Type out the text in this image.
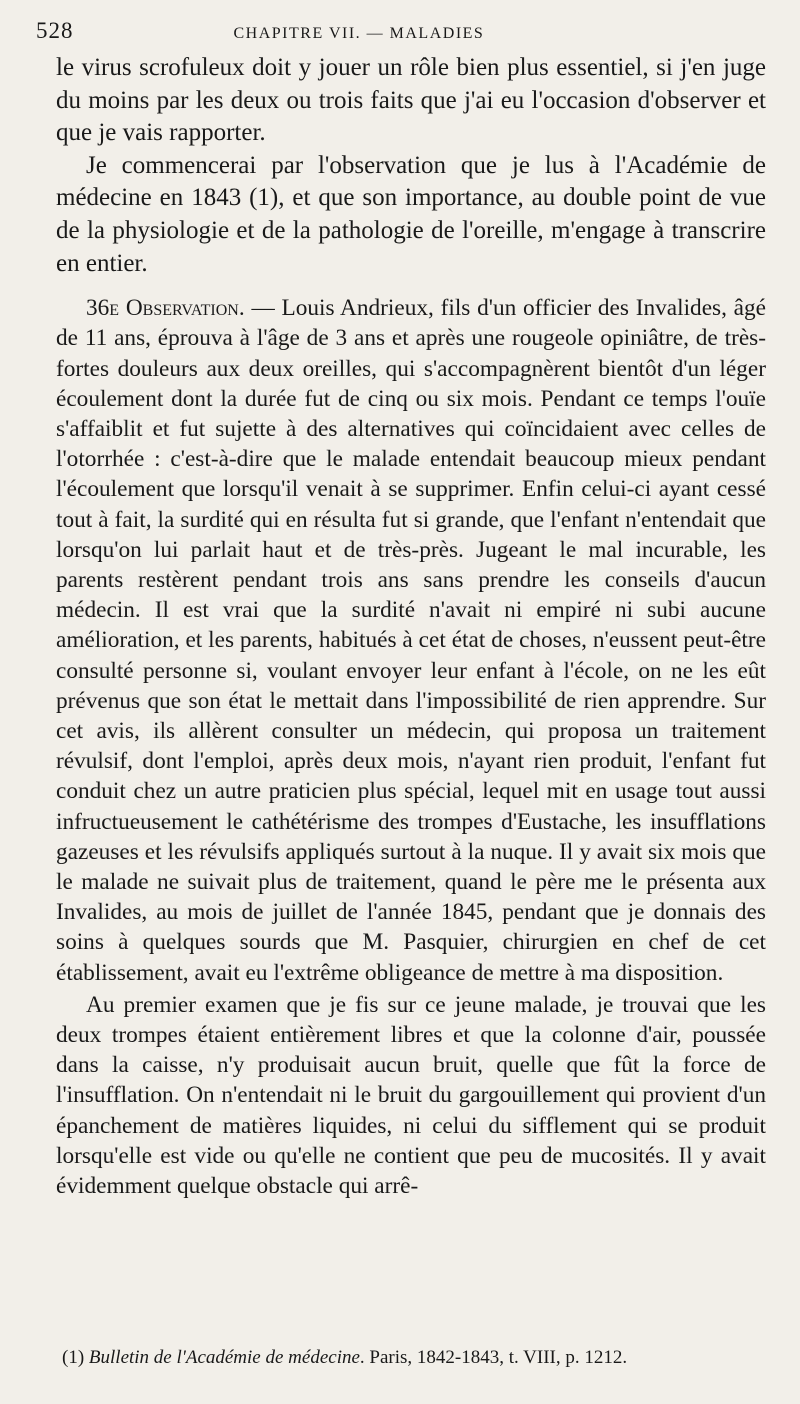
528	CHAPITRE VII. — MALADIES

le virus scrofuleux doit y jouer un rôle bien plus essentiel, si j'en juge du moins par les deux ou trois faits que j'ai eu l'occasion d'observer et que je vais rapporter.

Je commencerai par l'observation que je lus à l'Académie de médecine en 1843 (1), et que son importance, au double point de vue de la physiologie et de la pathologie de l'oreille, m'engage à transcrire en entier.

36e Observation. — Louis Andrieux, fils d'un officier des Invalides, âgé de 11 ans, éprouva à l'âge de 3 ans et après une rougeole opiniâtre, de très-fortes douleurs aux deux oreilles, qui s'accompagnèrent bientôt d'un léger écoulement dont la durée fut de cinq ou six mois. Pendant ce temps l'ouïe s'affaiblit et fut sujette à des alternatives qui coïncidaient avec celles de l'otorrhée : c'est-à-dire que le malade entendait beaucoup mieux pendant l'écoulement que lorsqu'il venait à se supprimer. Enfin celui-ci ayant cessé tout à fait, la surdité qui en résulta fut si grande, que l'enfant n'entendait que lorsqu'on lui parlait haut et de très-près. Jugeant le mal incurable, les parents restèrent pendant trois ans sans prendre les conseils d'aucun médecin. Il est vrai que la surdité n'avait ni empiré ni subi aucune amélioration, et les parents, habitués à cet état de choses, n'eussent peut-être consulté personne si, voulant envoyer leur enfant à l'école, on ne les eût prévenus que son état le mettait dans l'impossibilité de rien apprendre. Sur cet avis, ils allèrent consulter un médecin, qui proposa un traitement révulsif, dont l'emploi, après deux mois, n'ayant rien produit, l'enfant fut conduit chez un autre praticien plus spécial, lequel mit en usage tout aussi infructueusement le cathétérisme des trompes d'Eustache, les insufflations gazeuses et les révulsifs appliqués surtout à la nuque. Il y avait six mois que le malade ne suivait plus de traitement, quand le père me le présenta aux Invalides, au mois de juillet de l'année 1845, pendant que je donnais des soins à quelques sourds que M. Pasquier, chirurgien en chef de cet établissement, avait eu l'extrême obligeance de mettre à ma disposition.

Au premier examen que je fis sur ce jeune malade, je trouvai que les deux trompes étaient entièrement libres et que la colonne d'air, poussée dans la caisse, n'y produisait aucun bruit, quelle que fût la force de l'insufflation. On n'entendait ni le bruit du gargouillement qui provient d'un épanchement de matières liquides, ni celui du sifflement qui se produit lorsqu'elle est vide ou qu'elle ne contient que peu de mucosités. Il y avait évidemment quelque obstacle qui arrê-

(1) Bulletin de l'Académie de médecine. Paris, 1842-1843, t. VIII, p. 1212.
